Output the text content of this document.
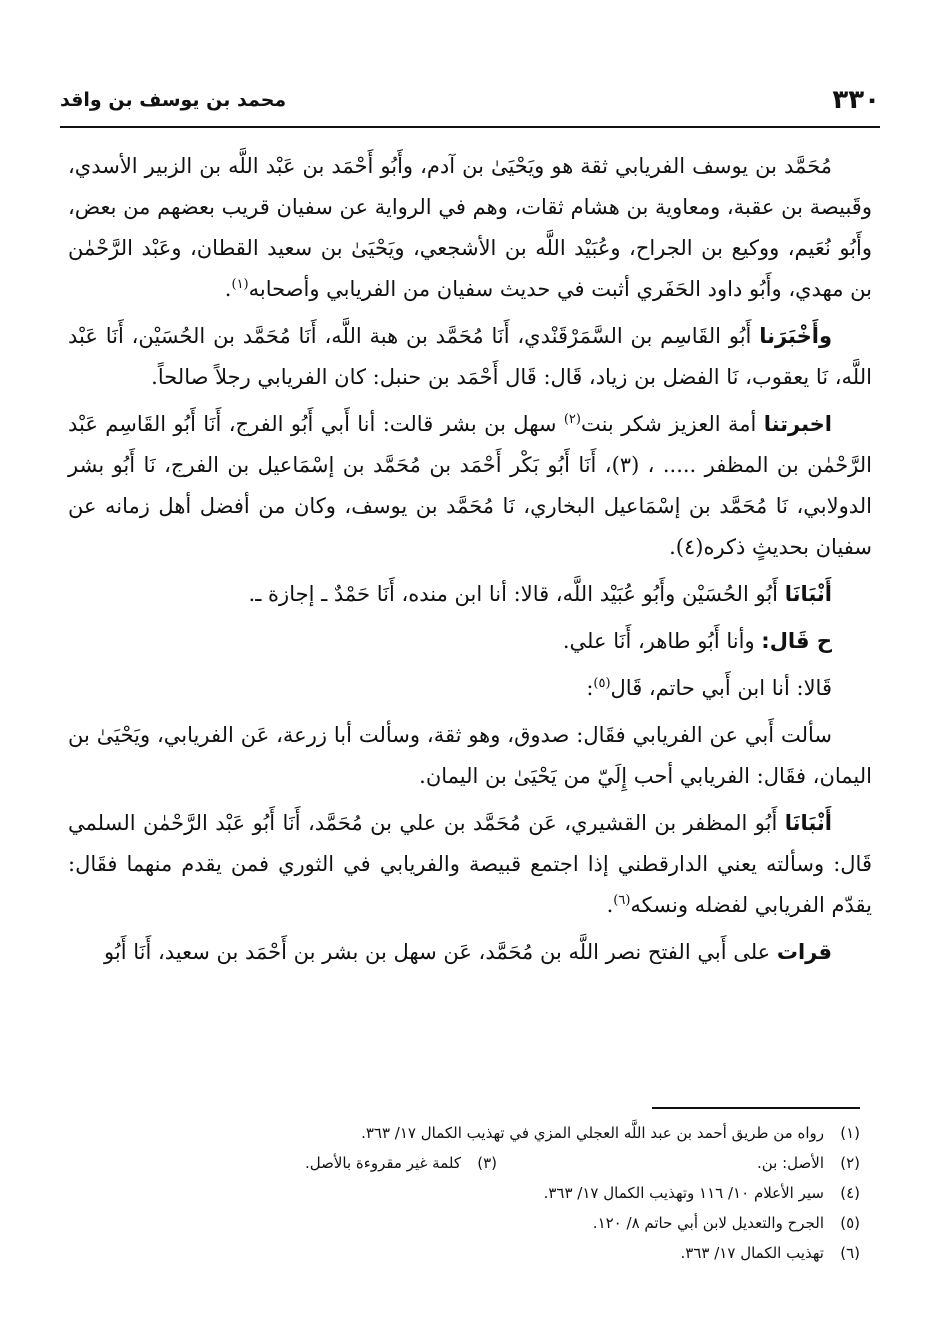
٣٣٠
محمد بن يوسف بن واقد

مُحَمَّد بن يوسف الفريابي ثقة هو ويَحْيَىٰ بن آدم، وأَبُو أَحْمَد بن عَبْد اللَّه بن الزبير الأسدي، وقَبيصة بن عقبة، ومعاوية بن هشام ثقات، وهم في الرواية عن سفيان قريب بعضهم من بعض، وأَبُو نُعَيم، ووكيع بن الجراح، وعُبَيْد اللَّه بن الأشجعي، ويَحْيَىٰ بن سعيد القطان، وعَبْد الرَّحْمٰن بن مهدي، وأَبُو داود الحَفَري أثبت في حديث سفيان من الفريابي وأصحابه$^{(١)}$.

وأَخْبَرَنا أَبُو القَاسِم بن السَّمَرْقَنْدي، أَنَا مُحَمَّد بن هبة اللَّه، أَنَا مُحَمَّد بن الحُسَيْن، أَنَا عَبْد اللَّه، نَا يعقوب، نَا الفضل بن زياد، قَال: قَال أَحْمَد بن حنبل: كان الفريابي رجلاً صالحاً.

اخبرتنا أمة العزيز شكر بنت$^{(٢)}$ سهل بن بشر قالت: أنا أَبي أَبُو الفرج، أَنَا أَبُو القَاسِم عَبْد الرَّحْمٰن بن المظفر ..... ، (٣)، أَنَا أَبُو بَكْر أَحْمَد بن مُحَمَّد بن إسْمَاعيل بن الفرج، نَا أَبُو بشر الدولابي، نَا مُحَمَّد بن إسْمَاعيل البخاري، نَا مُحَمَّد بن يوسف، وكان من أفضل أهل زمانه عن سفيان بحديثٍ ذكره(٤).

أَنْبَانَا أَبُو الحُسَيْن وأَبُو عُبَيْد اللَّه، قالا: أنا ابن منده، أَنَا حَمْدٌ ـ إجازة ـ.

ح قَال: وأنا أَبُو طاهر، أَنَا علي.

قَالا: أنا ابن أَبي حاتم، قَال$^{(٥)}$:

سألت أَبي عن الفريابي فقَال: صدوق، وهو ثقة، وسألت أبا زرعة، عَن الفريابي، ويَحْيَىٰ بن اليمان، فقَال: الفريابي أحب إِلَيّ من يَحْيَىٰ بن اليمان.

أَنْبَانَا أَبُو المظفر بن القشيري، عَن مُحَمَّد بن علي بن مُحَمَّد، أَنَا أَبُو عَبْد الرَّحْمٰن السلمي قَال: وسألته يعني الدارقطني إذا اجتمع قبيصة والفريابي في الثوري فمن يقدم منهما فقَال: يقدّم الفريابي لفضله ونسكه$^{(٦)}$.

قرات على أَبي الفتح نصر اللَّه بن مُحَمَّد، عَن سهل بن بشر بن أَحْمَد بن سعيد، أَنَا أَبُو

(١)رواه من طريق أحمد بن عبد اللَّه العجلي المزي في تهذيب الكمال ١٧/ ٣٦٣.
(٢)الأصل: بن.
(٣)كلمة غير مقروءة بالأصل.
(٤)سير الأعلام ١٠/ ١١٦ وتهذيب الكمال ١٧/ ٣٦٣.
(٥)الجرح والتعديل لابن أبي حاتم ٨/ ١٢٠.
(٦)تهذيب الكمال ١٧/ ٣٦٣.
